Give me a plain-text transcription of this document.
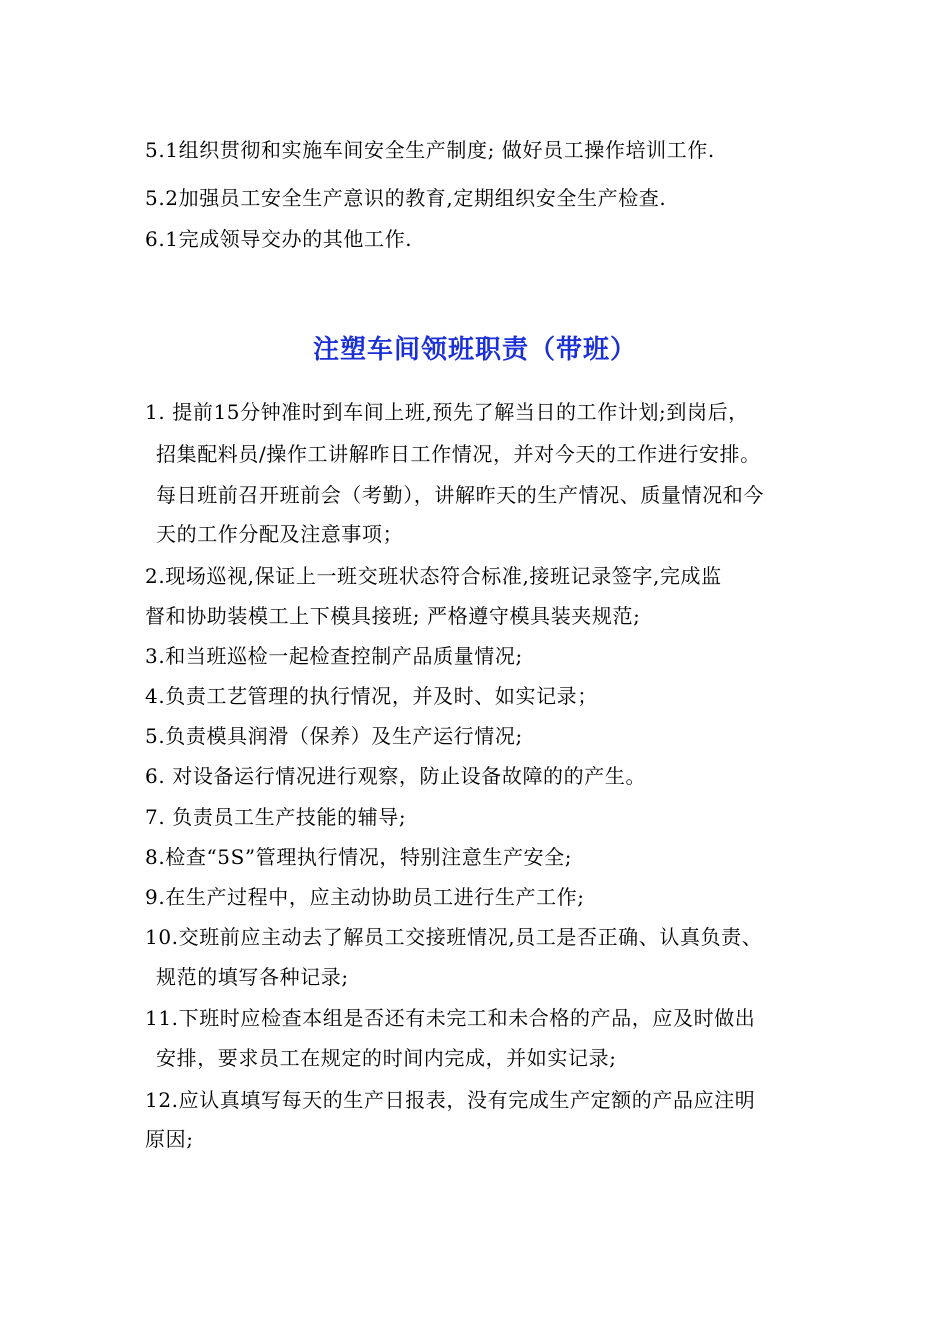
5.1组织贯彻和实施车间安全生产制度; 做好员工操作培训工作.
5.2加强员工安全生产意识的教育,定期组织安全生产检查.
6.1完成领导交办的其他工作.
注塑车间领班职责（带班）
1. 提前15分钟准时到车间上班,预先了解当日的工作计划;到岗后，
招集配料员/操作工讲解昨日工作情况，并对今天的工作进行安排。
每日班前召开班前会（考勤），讲解昨天的生产情况、质量情况和今
天的工作分配及注意事项；
2.现场巡视,保证上一班交班状态符合标准,接班记录签字,完成监
督和协助装模工上下模具接班; 严格遵守模具装夹规范;
3.和当班巡检一起检查控制产品质量情况;
4.负责工艺管理的执行情况，并及时、如实记录；
5.负责模具润滑（保养）及生产运行情况;
6. 对设备运行情况进行观察，防止设备故障的的产生。
7. 负责员工生产技能的辅导;
8.检查“5S”管理执行情况，特别注意生产安全;
9.在生产过程中，应主动协助员工进行生产工作;
10.交班前应主动去了解员工交接班情况,员工是否正确、认真负责、
规范的填写各种记录;
11.下班时应检查本组是否还有未完工和未合格的产品，应及时做出
安排，要求员工在规定的时间内完成，并如实记录;
12.应认真填写每天的生产日报表，没有完成生产定额的产品应注明
原因;
